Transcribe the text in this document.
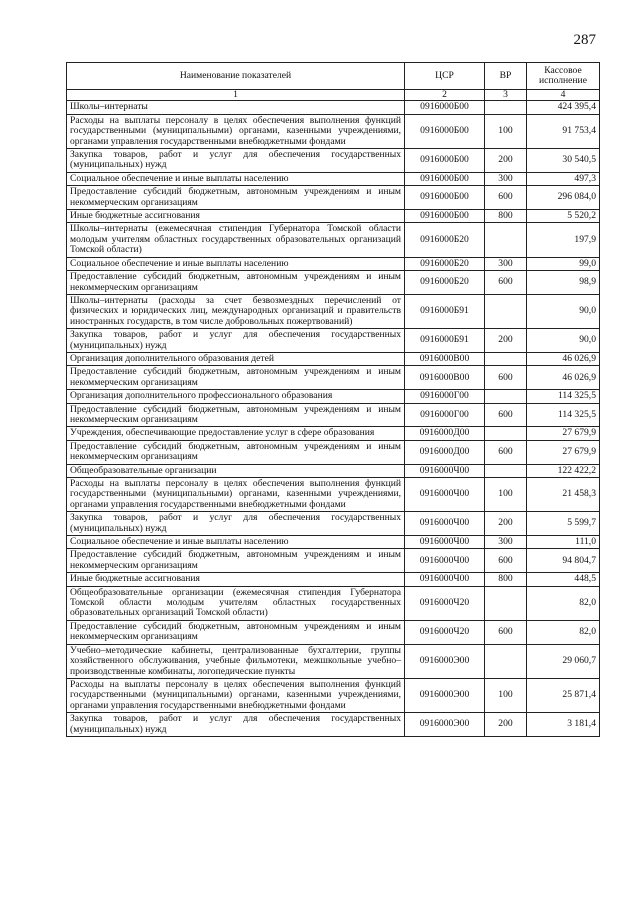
287
Наименование показателей	ЦСР	ВР	Кассовое исполнение
1	2	3	4
Школы–интернаты	0916000Б00		424 395,4
Расходы на выплаты персоналу в целях обеспечения выполнения функций государственными (муниципальными) органами, казенными учреждениями, органами управления государственными внебюджетными фондами	0916000Б00	100	91 753,4
Закупка товаров, работ и услуг для обеспечения государственных (муниципальных) нужд	0916000Б00	200	30 540,5
Социальное обеспечение и иные выплаты населению	0916000Б00	300	497,3
Предоставление субсидий бюджетным, автономным учреждениям и иным некоммерческим организациям	0916000Б00	600	296 084,0
Иные бюджетные ассигнования	0916000Б00	800	5 520,2
Школы–интернаты (ежемесячная стипендия Губернатора Томской области молодым учителям областных государственных образовательных организаций Томской области)	0916000Б20		197,9
Социальное обеспечение и иные выплаты населению	0916000Б20	300	99,0
Предоставление субсидий бюджетным, автономным учреждениям и иным некоммерческим организациям	0916000Б20	600	98,9
Школы–интернаты (расходы за счет безвозмездных перечислений от физических и юридических лиц, международных организаций и правительств иностранных государств, в том числе добровольных пожертвований)	0916000Б91		90,0
Закупка товаров, работ и услуг для обеспечения государственных (муниципальных) нужд	0916000Б91	200	90,0
Организация дополнительного образования детей	0916000В00		46 026,9
Предоставление субсидий бюджетным, автономным учреждениям и иным некоммерческим организациям	0916000В00	600	46 026,9
Организация дополнительного профессионального образования	0916000Г00		114 325,5
Предоставление субсидий бюджетным, автономным учреждениям и иным некоммерческим организациям	0916000Г00	600	114 325,5
Учреждения, обеспечивающие предоставление услуг в сфере образования	0916000Д00		27 679,9
Предоставление субсидий бюджетным, автономным учреждениям и иным некоммерческим организациям	0916000Д00	600	27 679,9
Общеобразовательные организации	0916000Ч00		122 422,2
Расходы на выплаты персоналу в целях обеспечения выполнения функций государственными (муниципальными) органами, казенными учреждениями, органами управления государственными внебюджетными фондами	0916000Ч00	100	21 458,3
Закупка товаров, работ и услуг для обеспечения государственных (муниципальных) нужд	0916000Ч00	200	5 599,7
Социальное обеспечение и иные выплаты населению	0916000Ч00	300	111,0
Предоставление субсидий бюджетным, автономным учреждениям и иным некоммерческим организациям	0916000Ч00	600	94 804,7
Иные бюджетные ассигнования	0916000Ч00	800	448,5
Общеобразовательные организации (ежемесячная стипендия Губернатора Томской области молодым учителям областных государственных образовательных организаций Томской области)	0916000Ч20		82,0
Предоставление субсидий бюджетным, автономным учреждениям и иным некоммерческим организациям	0916000Ч20	600	82,0
Учебно–методические кабинеты, централизованные бухгалтерии, группы хозяйственного обслуживания, учебные фильмотеки, межшкольные учебно–производственные комбинаты, логопедические пункты	0916000Э00		29 060,7
Расходы на выплаты персоналу в целях обеспечения выполнения функций государственными (муниципальными) органами, казенными учреждениями, органами управления государственными внебюджетными фондами	0916000Э00	100	25 871,4
Закупка товаров, работ и услуг для обеспечения государственных (муниципальных) нужд	0916000Э00	200	3 181,4
